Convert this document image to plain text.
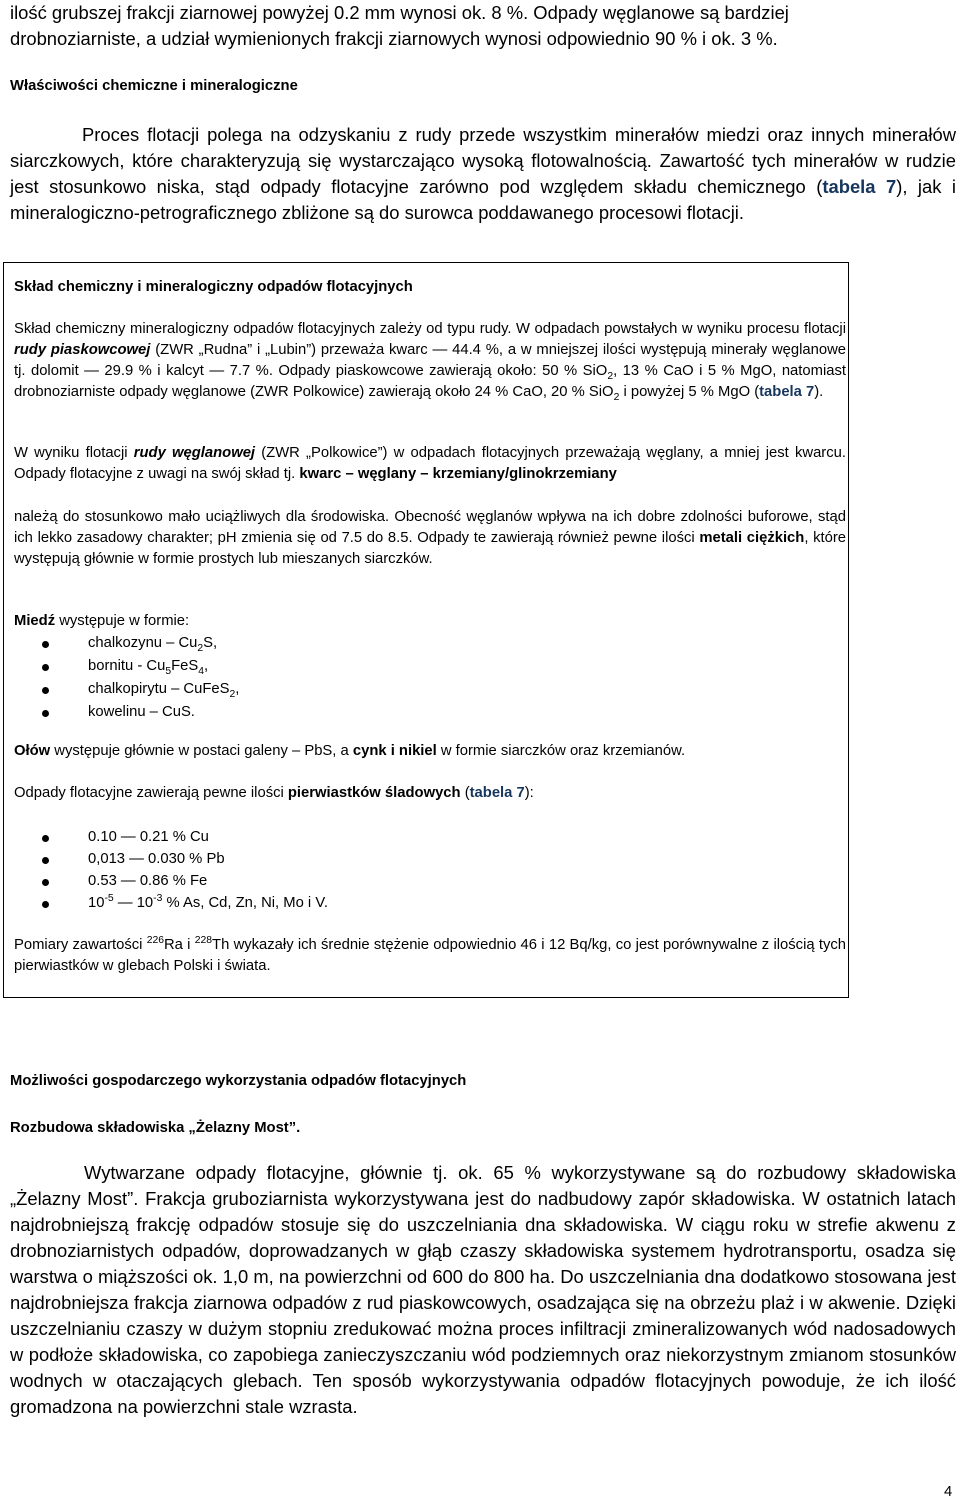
ilość grubszej frakcji ziarnowej powyżej 0.2 mm wynosi ok. 8 %. Odpady węglanowe są bardziej

drobnoziarniste, a udział wymienionych frakcji ziarnowych wynosi odpowiednio 90 % i ok. 3 %.

Właściwości chemiczne i mineralogiczne

Proces flotacji polega na odzyskaniu z rudy przede wszystkim minerałów miedzi oraz innych minerałów siarczkowych, które charakteryzują się wystarczająco wysoką flotowalnością. Zawartość tych minerałów w rudzie jest stosunkowo niska, stąd odpady flotacyjne zarówno pod względem składu chemicznego (tabela 7), jak i mineralogiczno-petrograficznego zbliżone są do surowca poddawanego procesowi flotacji.

Skład chemiczny i mineralogiczny odpadów flotacyjnych

Skład chemiczny mineralogiczny odpadów flotacyjnych zależy od typu rudy. W odpadach powstałych w wyniku procesu flotacji rudy piaskowcowej (ZWR „Rudna” i „Lubin”) przeważa kwarc — 44.4 %, a w mniejszej ilości występują minerały węglanowe tj. dolomit — 29.9 % i kalcyt — 7.7 %. Odpady piaskowcowe zawierają około: 50 % SiO$_2$, 13 % CaO i 5 % MgO, natomiast drobnoziarniste odpady węglanowe (ZWR Polkowice) zawierają około 24 % CaO, 20 % SiO$_2$ i powyżej 5 % MgO (tabela 7).

W wyniku flotacji rudy węglanowej (ZWR „Polkowice”) w odpadach flotacyjnych przeważają węglany, a mniej jest kwarcu. Odpady flotacyjne z uwagi na swój skład tj. kwarc – węglany – krzemiany/glinokrzemiany

należą do stosunkowo mało uciążliwych dla środowiska. Obecność węglanów wpływa na ich dobre zdolności buforowe, stąd ich lekko zasadowy charakter; pH zmienia się od 7.5 do 8.5. Odpady te zawierają również pewne ilości metali ciężkich, które występują głównie w formie prostych lub mieszanych siarczków.

Miedź występuje w formie:

chalkozynu – $Cu_2S$,
bornitu - $Cu_5FeS_4$,
chalkopirytu – CuFeS$_2$,
kowelinu – CuS.

Ołów występuje głównie w postaci galeny – PbS, a cynk i nikiel w formie siarczków oraz krzemianów.

Odpady flotacyjne zawierają pewne ilości pierwiastków śladowych (tabela 7):

0.10 — 0.21 % Cu
0,013 — 0.030 % Pb
0.53 — 0.86 % Fe
$10^{-5}$ — $10^{-3}$ % As, Cd, Zn, Ni, Mo i V.

Pomiary zawartości $^{226}$Ra i $^{228}$Th wykazały ich średnie stężenie odpowiednio 46 i 12 Bq/kg, co jest porównywalne z ilością tych pierwiastków w glebach Polski i świata.

Możliwości gospodarczego wykorzystania odpadów flotacyjnych

Rozbudowa składowiska „Żelazny Most”.

Wytwarzane odpady flotacyjne, głównie tj. ok. 65 % wykorzystywane są do rozbudowy składowiska „Żelazny Most”. Frakcja gruboziarnista wykorzystywana jest do nadbudowy zapór składowiska. W ostatnich latach najdrobniejszą frakcję odpadów stosuje się do uszczelniania dna składowiska. W ciągu roku w strefie akwenu z drobnoziarnistych odpadów, doprowadzanych w głąb czaszy składowiska systemem hydrotransportu, osadza się warstwa o miąższości ok. 1,0 m, na powierzchni od 600 do 800 ha. Do uszczelniania dna dodatkowo stosowana jest najdrobniejsza frakcja ziarnowa odpadów z rud piaskowcowych, osadzająca się na obrzeżu plaż i w akwenie. Dzięki uszczelnianiu czaszy w dużym stopniu zredukować można proces infiltracji zmineralizowanych wód nadosadowych w podłoże składowiska, co zapobiega zanieczyszczaniu wód podziemnych oraz niekorzystnym zmianom stosunków wodnych w otaczających glebach. Ten sposób wykorzystywania odpadów flotacyjnych powoduje, że ich ilość gromadzona na powierzchni stale wzrasta.

4
